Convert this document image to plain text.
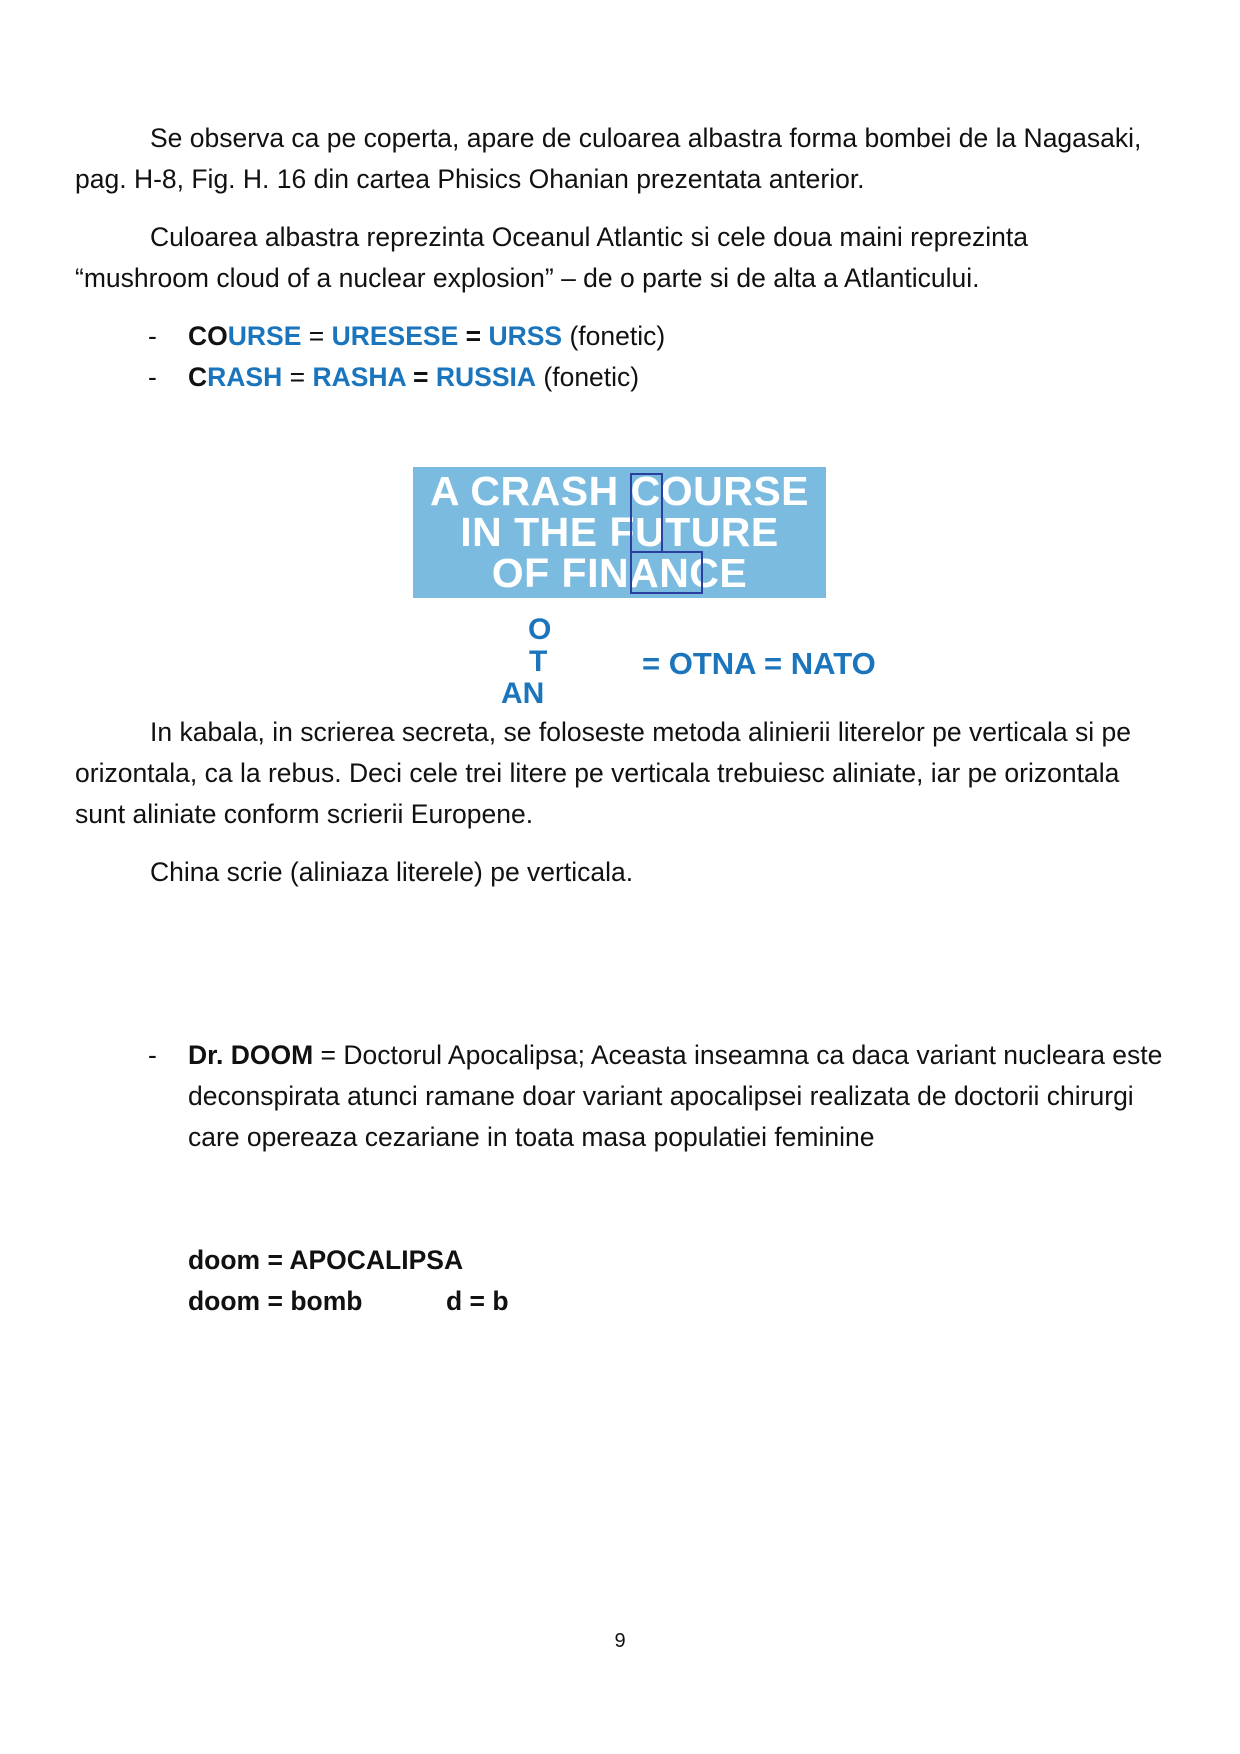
Se observa ca pe coperta, apare de culoarea albastra forma bombei de la Nagasaki, pag. H-8, Fig. H. 16 din cartea Phisics Ohanian prezentata anterior.

Culoarea albastra reprezinta Oceanul Atlantic si cele doua maini reprezinta “mushroom cloud of a nuclear explosion” – de o parte si de alta a Atlanticului.

- COURSE = URESESE = URSS (fonetic)
- CRASH = RASHA = RUSSIA (fonetic)
A CRASH COURSE
IN THE FUTURE
OF FINANCE
O
T
AN
= OTNA = NATO

In kabala, in scrierea secreta, se foloseste metoda alinierii literelor pe verticala si pe orizontala, ca la rebus. Deci cele trei litere pe verticala trebuiesc aliniate, iar pe orizontala sunt aliniate conform scrierii Europene.

China scrie (aliniaza literele) pe verticala.

- Dr. DOOM = Doctorul Apocalipsa; Aceasta inseamna ca daca variant nucleara este deconspirata atunci ramane doar variant apocalipsei realizata de doctorii chirurgi care opereaza cezariane in toata masa populatiei feminine
doom = APOCALIPSA
doom = bomb	d = b
9
